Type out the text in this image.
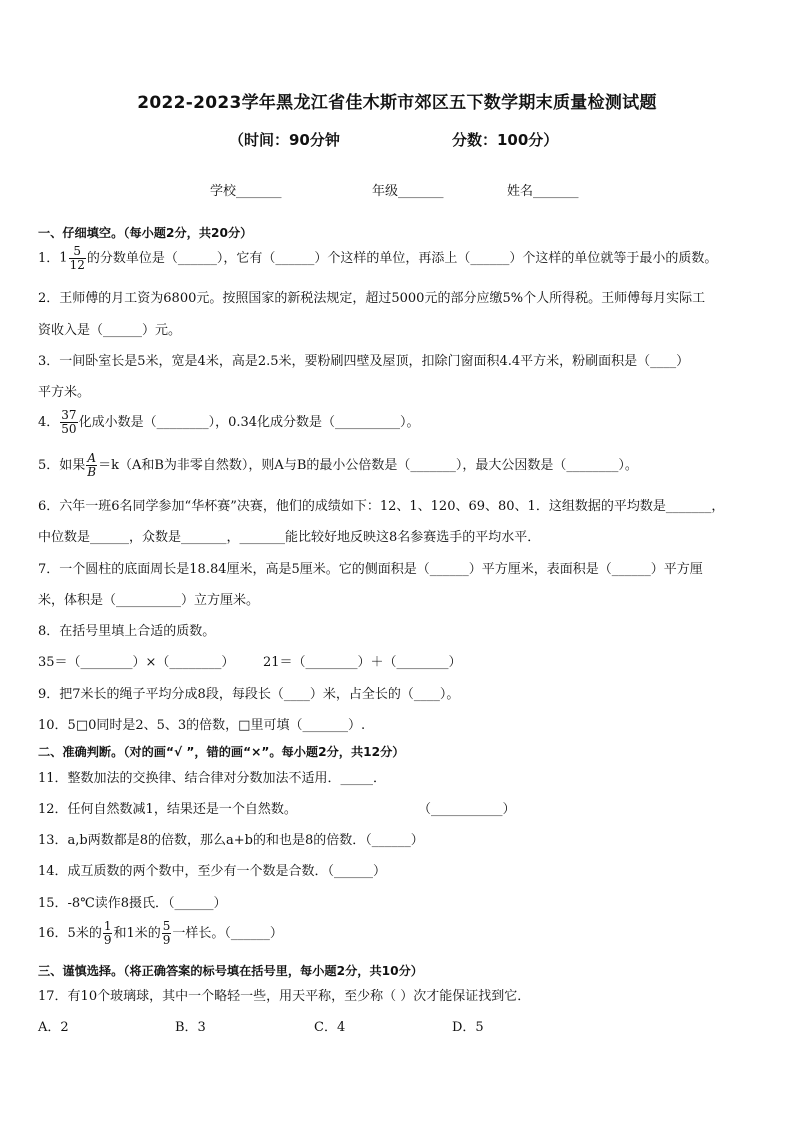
2022-2023学年黑龙江省佳木斯市郊区五下数学期末质量检测试题
（时间：90分钟	分数：100分）
学校_______	年级_______	姓名_______
一、仔细填空。（每小题2分，共20分）
1．$1 \frac{5}{12}$ 的分数单位是（______），它有（______）个这样的单位，再添上（______）个这样的单位就等于最小的质数。
2．王师傅的月工资为6800元。按照国家的新税法规定，超过5000元的部分应缴5%个人所得税。王师傅每月实际工
资收入是（______）元。
3．一间卧室长是5米，宽是4米，高是2.5米，要粉刷四壁及屋顶，扣除门窗面积4.4平方米，粉刷面积是（____）
平方米。
4． $\frac{37}{50}$ 化成小数是（________），0.34化成分数是（__________）。
5．如果 $\frac{A}{B} =k(A$和B为非零自然数），则A与B的最小公倍数是（_______），最大公因数是（________）。
6．六年一班6名同学参加“华杯赛”决赛，他们的成绩如下：12、1、120、69、80、1．这组数据的平均数是_______，
中位数是______，众数是_______，_______能比较好地反映这8名参赛选手的平均水平．
7．一个圆柱的底面周长是18.84厘米，高是5厘米。它的侧面积是（______）平方厘米，表面积是（______）平方厘
米，体积是（__________）立方厘米。
8．在括号里填上合适的质数。
35＝（________）×（________） 21＝（________）＋（________）
9．把7米长的绳子平均分成8段，每段长（____）米，占全长的（____）。
10．5□0同时是2、5、3的倍数，□里可填（_______）.
二、准确判断。（对的画“√ ”，错的画“×”。每小题2分，共12分）
11．整数加法的交换律、结合律对分数加法不适用．_____．
12．任何自然数减1，结果还是一个自然数。	（___________）
13．a,b两数都是8的倍数，那么a+b的和也是8的倍数．（______）
14．成互质数的两个数中，至少有一个数是合数．（______）
15．-8℃读作8摄氏．（______）
16．5米的 $\frac{1}{9}$ 和1米的 $\frac{5}{9}$ 一样长。（______）
三、谨慎选择。（将正确答案的标号填在括号里，每小题2分，共10分）
17．有10个玻璃球，其中一个略轻一些，用天平称，至少称（ ）次才能保证找到它．
A．2	B．3	C．4	D．5
